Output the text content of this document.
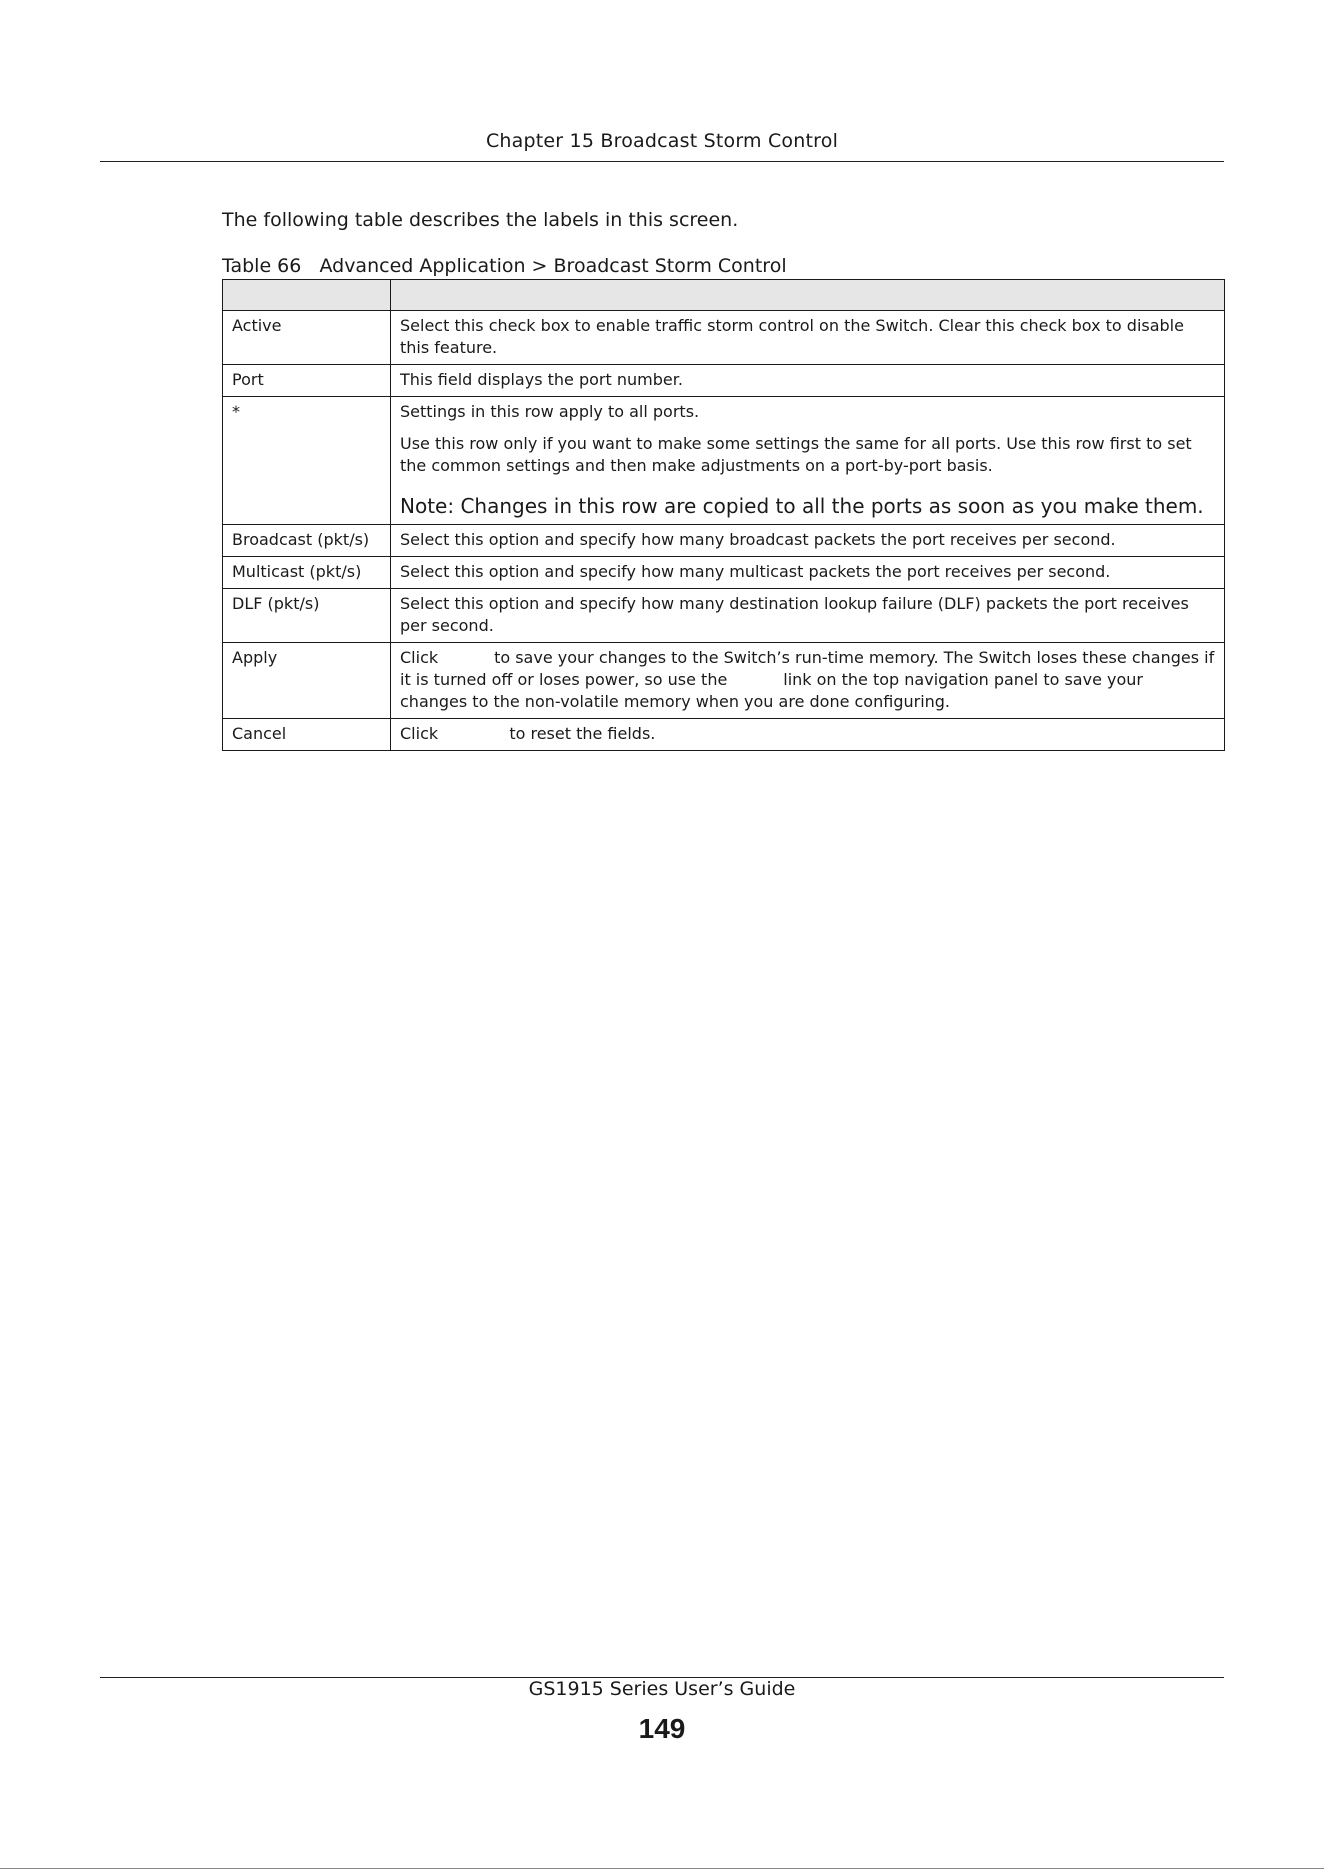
Chapter 15 Broadcast Storm Control
The following table describes the labels in this screen.
Table 66   Advanced Application > Broadcast Storm Control

Active	Select this check box to enable traffic storm control on the Switch. Clear this check box to disable this feature.

Port	This field displays the port number.

*	Settings in this row apply to all ports.

Use this row only if you want to make some settings the same for all ports. Use this row first to set the common settings and then make adjustments on a port-by-port basis.

Note: Changes in this row are copied to all the ports as soon as you make them.

Broadcast (pkt/s)	Select this option and specify how many broadcast packets the port receives per second.

Multicast (pkt/s)	Select this option and specify how many multicast packets the port receives per second.

DLF (pkt/s)	Select this option and specify how many destination lookup failure (DLF) packets the port receives per second.

Apply	Click           to save your changes to the Switch’s run-time memory. The Switch loses these changes if it is turned off or loses power, so use the           link on the top navigation panel to save your changes to the non-volatile memory when you are done configuring.

Cancel	Click              to reset the fields.

GS1915 Series User’s Guide
149
